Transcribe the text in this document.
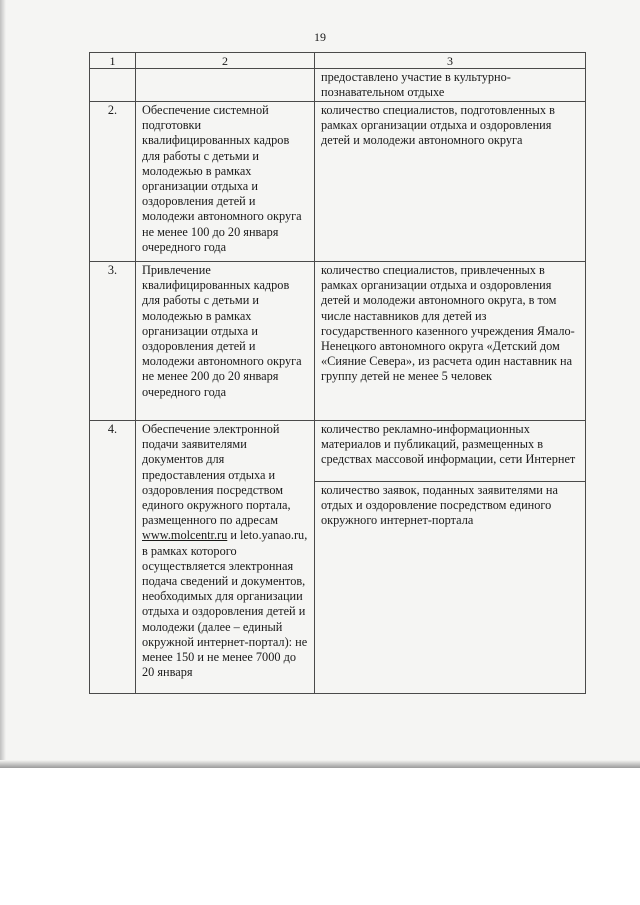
19
1	2	3
		предоставлено участие в культурно-познавательном отдыхе
2.	Обеспечение системной подготовки квалифицированных кадров для работы с детьми и молодежью в рамках организации отдыха и оздоровления детей и молодежи автономного округа не менее 100 до 20 января очередного года	количество специалистов, подготовленных в рамках организации отдыха и оздоровления детей и молодежи автономного округа
3.	Привлечение квалифицированных кадров для работы с детьми и молодежью в рамках организации отдыха и оздоровления детей и молодежи автономного округа не менее 200 до 20 января очередного года	количество специалистов, привлеченных в рамках организации отдыха и оздоровления детей и молодежи автономного округа, в том числе наставников для детей из государственного казенного учреждения Ямало-Ненецкого автономного округа «Детский дом «Сияние Севера», из расчета один наставник на группу детей не менее 5 человек
4.	Обеспечение электронной подачи заявителями документов для предоставления отдыха и оздоровления посредством единого окружного портала, размещенного по адресам www.molcentr.ru и leto.yanao.ru, в рамках которого осуществляется электронная подача сведений и документов, необходимых для организации отдыха и оздоровления детей и молодежи (далее – единый окружной интернет-портал): не менее 150 и не менее 7000 до 20 января	количество рекламно-информационных материалов и публикаций, размещенных в средствах массовой информации, сети Интернет
		количество заявок, поданных заявителями на отдых и оздоровление посредством единого окружного интернет-портала
